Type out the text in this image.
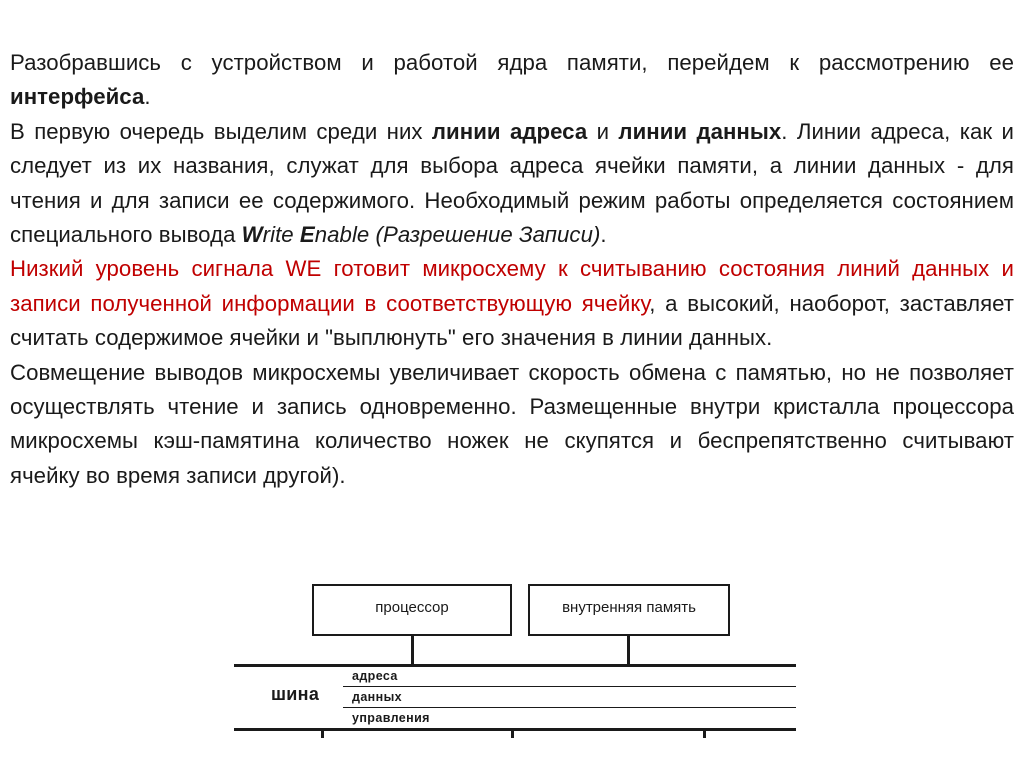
Разобравшись с устройством и работой ядра памяти, перейдем к рассмотрению ее интерфейса.

В первую очередь выделим среди них линии адреса и линии данных. Линии адреса, как и следует из их названия, служат для выбора адреса ячейки памяти, а линии данных - для чтения и для записи ее содержимого. Необходимый режим работы определяется состоянием специального вывода Write Enable (Разрешение Записи).

Низкий уровень сигнала WE готовит микросхему к считыванию состояния линий данных и записи полученной информации в соответствующую ячейку, а высокий, наоборот, заставляет считать содержимое ячейки и "выплюнуть" его значения в линии данных.

Совмещение выводов микросхемы увеличивает скорость обмена с памятью, но не позволяет осуществлять чтение и запись одновременно. Размещенные внутри кристалла процессора микросхемы кэш-памятина количество ножек не скупятся и беспрепятственно считывают ячейку во время записи другой).

процессор	внутренняя память
шина
адреса
данных
управления
